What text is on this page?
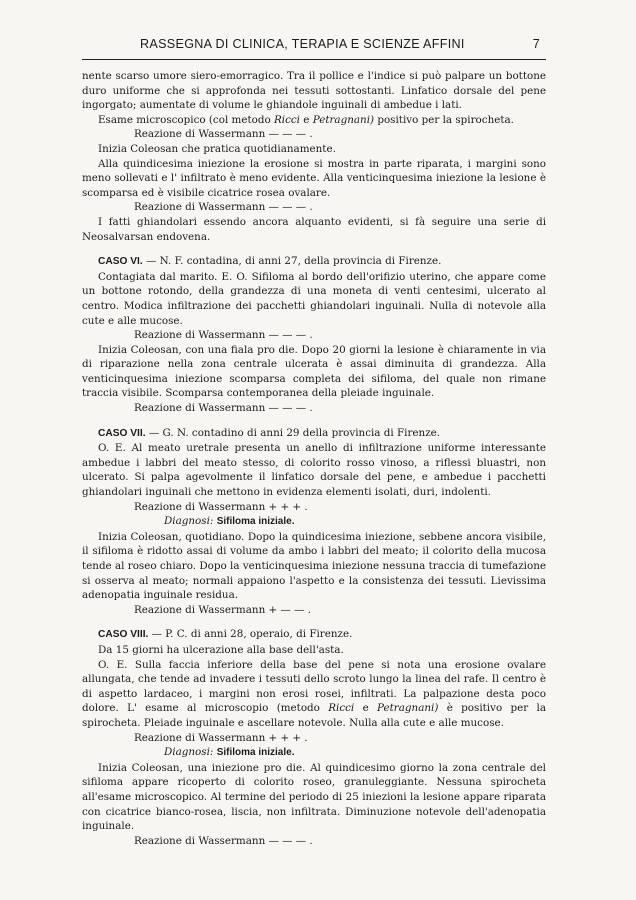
RASSEGNA DI CLINICA, TERAPIA E SCIENZE AFFINI	7

nente scarso umore siero-emorragico. Tra il pollice e l'indice si può palpare un bottone duro uniforme che si approfonda nei tessuti sottostanti. Linfatico dorsale del pene ingorgato; aumentate di volume le ghiandole inguinali di ambedue i lati.

Esame microscopico (col metodo Ricci e Petragnani) positivo per la spirocheta.

Reazione di Wassermann — — — .

Inizia Coleosan che pratica quotidianamente.

Alla quindicesima iniezione la erosione si mostra in parte riparata, i margini sono meno sollevati e l' infiltrato è meno evidente. Alla venticinquesima iniezione la lesione è scomparsa ed è visibile cicatrice rosea ovalare.

Reazione di Wassermann — — — .

I fatti ghiandolari essendo ancora alquanto evidenti, si fà seguire una serie di Neosalvarsan endovena.

CASO VI. — N. F. contadina, di anni 27, della provincia di Firenze.

Contagiata dal marito. E. O. Sifiloma al bordo dell'orifizio uterino, che appare come un bottone rotondo, della grandezza di una moneta di venti centesimi, ulcerato al centro. Modica infiltrazione dei pacchetti ghiandolari inguinali. Nulla di notevole alla cute e alle mucose.

Reazione di Wassermann — — — .

Inizia Coleosan, con una fiala pro die. Dopo 20 giorni la lesione è chiaramente in via di riparazione nella zona centrale ulcerata è assai diminuita di grandezza. Alla venticinquesima iniezione scomparsa completa dei sifiloma, del quale non rimane traccia visibile. Scomparsa contemporanea della pleiade inguinale.

Reazione di Wassermann — — — .

CASO VII. — G. N. contadino di anni 29 della provincia di Firenze.

O. E. Al meato uretrale presenta un anello di infiltrazione uniforme interessante ambedue i labbri del meato stesso, di colorito rosso vinoso, a riflessi bluastri, non ulcerato. Si palpa agevolmente il linfatico dorsale del pene, e ambedue i pacchetti ghiandolari inguinali che mettono in evidenza elementi isolati, duri, indolenti.

Reazione di Wassermann + + + .

Diagnosi: Sifiloma iniziale.

Inizia Coleosan, quotidiano. Dopo la quindicesima iniezione, sebbene ancora visibile, il sifiloma è ridotto assai di volume da ambo i labbri del meato; il colorito della mucosa tende al roseo chiaro. Dopo la venticinquesima iniezione nessuna traccia di tumefazione si osserva al meato; normali appaiono l'aspetto e la consistenza dei tessuti. Lievissima adenopatia inguinale residua.

Reazione di Wassermann + — — .

CASO VIII. — P. C. di anni 28, operaio, di Firenze.

Da 15 giorni ha ulcerazione alla base dell'asta.

O. E. Sulla faccia inferiore della base del pene si nota una erosione ovalare allungata, che tende ad invadere i tessuti dello scroto lungo la linea del rafe. Il centro è di aspetto lardaceo, i margini non erosi rosei, infiltrati. La palpazione desta poco dolore. L' esame al microscopio (metodo Ricci e Petragnani) è positivo per la spirocheta. Pleiade inguinale e ascellare notevole. Nulla alla cute e alle mucose.

Reazione di Wassermann + + + .

Diagnosi: Sifiloma iniziale.

Inizia Coleosan, una iniezione pro die. Al quindicesimo giorno la zona centrale del sifiloma appare ricoperto di colorito roseo, granuleggiante. Nessuna spirocheta all'esame microscopico. Al termine del periodo di 25 iniezioni la lesione appare riparata con cicatrice bianco-rosea, liscia, non infiltrata. Diminuzione notevole dell'adenopatia inguinale.

Reazione di Wassermann — — — .
